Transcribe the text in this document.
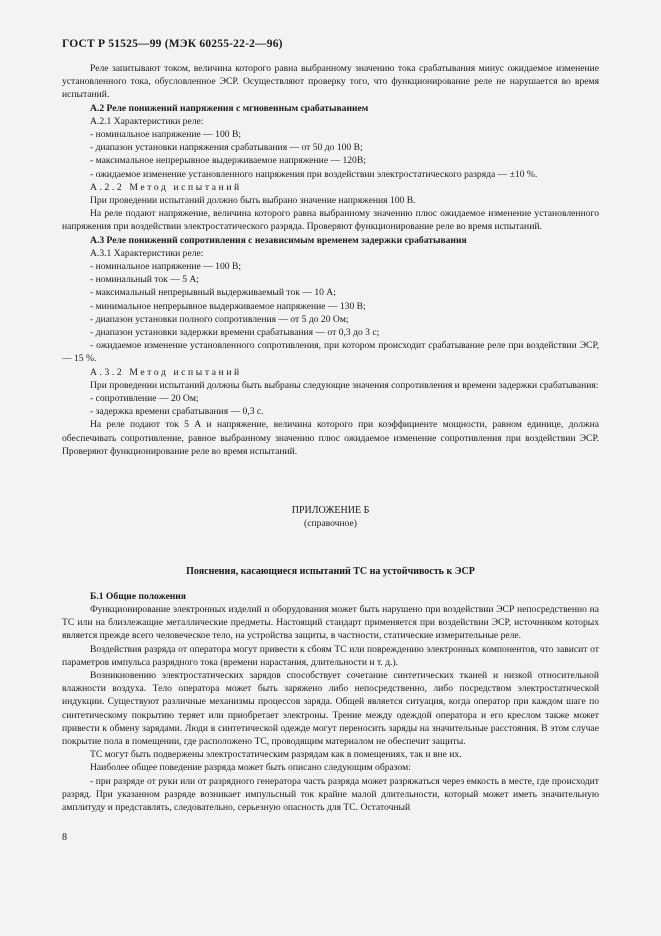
ГОСТ Р 51525—99 (МЭК 60255-22-2—96)

Реле запитывают током, величина которого равна выбранному значению тока срабатывания минус ожидаемое изменение установленного тока, обусловленное ЭСР. Осуществляют проверку того, что функционирование реле не нарушается во время испытаний.

А.2 Реле понижений напряжения с мгновенным срабатыванием

А.2.1 Характеристики реле:

- номинальное напряжение — 100 В;

- диапазон установки напряжения срабатывания — от 50 до 100 В;

- максимальное непрерывное выдерживаемое напряжение — 120В;

- ожидаемое изменение установленного напряжения при воздействии электростатического разряда — ±10 %.

А.2.2 Метод испытаний

При проведении испытаний должно быть выбрано значение напряжения 100 В.

На реле подают напряжение, величина которого равна выбранному значению плюс ожидаемое изменение установленного напряжения при воздействии электростатического разряда. Проверяют функционирование реле во время испытаний.

А.3 Реле понижений сопротивления с независимым временем задержки срабатывания

А.3.1 Характеристики реле:

- номинальное напряжение — 100 В;

- номинальный ток — 5 А;

- максимальный непрерывный выдерживаемый ток — 10 А;

- минимальное непрерывное выдерживаемое напряжение — 130 В;

- диапазон установки полного сопротивления — от 5 до 20 Ом;

- диапазон установки задержки времени срабатывания — от 0,3 до 3 с;

- ожидаемое изменение установленного сопротивления, при котором происходит срабатывание реле при воздействии ЭСР, — 15 %.

А.3.2 Метод испытаний

При проведении испытаний должны быть выбраны следующие значения сопротивления и времени задержки срабатывания:

- сопротивление — 20 Ом;

- задержка времени срабатывания — 0,3 с.

На реле подают ток 5 А и напряжение, величина которого при коэффициенте мощности, равном единице, должна обеспечивать сопротивление, равное выбранному значению плюс ожидаемое изменение сопротивления при воздействии ЭСР. Проверяют функционирование реле во время испытаний.

ПРИЛОЖЕНИЕ Б

(справочное)

Пояснения, касающиеся испытаний ТС на устойчивость к ЭСР

Б.1 Общие положения

Функционирование электронных изделий и оборудования может быть нарушено при воздействии ЭСР непосредственно на ТС или на близлежащие металлические предметы. Настоящий стандарт применяется при воздействии ЭСР, источником которых является прежде всего человеческое тело, на устройства защиты, в частности, статические измерительные реле.

Воздействия разряда от оператора могут привести к сбоям ТС или повреждению электронных компонентов, что зависит от параметров импульса разрядного тока (времени нарастания, длительности и т. д.).

Возникновению электростатических зарядов способствует сочетание синтетических тканей и низкой относительной влажности воздуха. Тело оператора может быть заряжено либо непосредственно, либо посредством электростатической индукции. Существуют различные механизмы процессов заряда. Общей является ситуация, когда оператор при каждом шаге по синтетическому покрытию теряет или приобретает электроны. Трение между одеждой оператора и его креслом также может привести к обмену зарядами. Люди в синтетической одежде могут переносить заряды на значительные расстояния. В этом случае покрытие пола в помещении, где расположено ТС, проводящим материалом не обеспечит защиты.

ТС могут быть подвержены электростатическим разрядам как в помещениях, так и вне их.

Наиболее общее поведение разряда может быть описано следующим образом:

- при разряде от руки или от разрядного генератора часть разряда может разряжаться через емкость в месте, где происходит разряд. При указанном разряде возникает импульсный ток крайне малой длительности, который может иметь значительную амплитуду и представлять, следовательно, серьезную опасность для ТС. Остаточный

8
